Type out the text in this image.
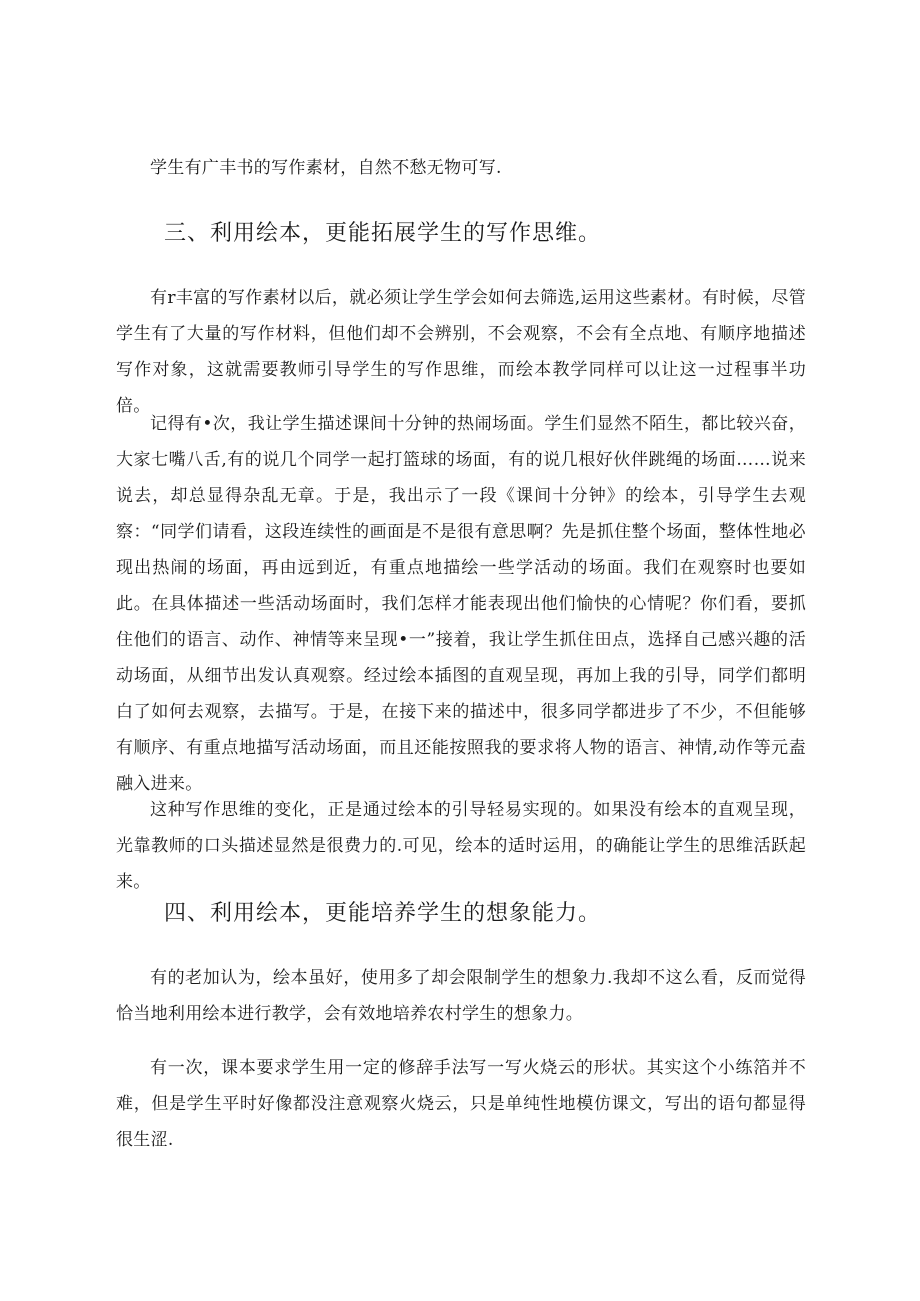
学生有广丰书的写作素材，自然不愁无物可写.

三、利用绘本，更能拓展学生的写作思维。

有r丰富的写作素材以后，就必须让学生学会如何去筛选,运用这些素材。有时候，尽管学生有了大量的写作材料，但他们却不会辨别，不会观察，不会有全点地、有顺序地描述写作对象，这就需要教师引导学生的写作思维，而绘本教学同样可以让这一过程事半功倍。

记得有•次，我让学生描述课间十分钟的热闹场面。学生们显然不陌生，都比较兴奋，大家七嘴八舌,有的说几个同学一起打篮球的场面，有的说几根好伙伴跳绳的场面……说来说去，却总显得杂乱无章。于是，我出示了一段《课间十分钟》的绘本，引导学生去观察：“同学们请看，这段连续性的画面是不是很有意思啊？先是抓住整个场面，整体性地必现出热闹的场面，再由远到近，有重点地描绘一些学活动的场面。我们在观察时也要如此。在具体描述一些活动场面时，我们怎样才能表现出他们愉快的心情呢？你们看，要抓住他们的语言、动作、神情等来呈现•一”接着，我让学生抓住田点，选择自己感兴趣的活动场面，从细节出发认真观察。经过绘本插图的直观呈现，再加上我的引导，同学们都明白了如何去观察，去描写。于是，在接下来的描述中，很多同学都进步了不少，不但能够有顺序、有重点地描写活动场面，而且还能按照我的要求将人物的语言、神情,动作等元盍融入进来。

这种写作思维的变化，正是通过绘本的引导轻易实现的。如果没有绘本的直观呈现，光靠教师的口头描述显然是很费力的.可见，绘本的适时运用，的确能让学生的思维活跃起来。

四、利用绘本，更能培养学生的想象能力。

有的老加认为，绘本虽好，使用多了却会限制学生的想象力.我却不这么看，反而觉得恰当地利用绘本进行教学，会有效地培养农村学生的想象力。

有一次，课本要求学生用一定的修辞手法写一写火烧云的形状。其实这个小练箔并不难，但是学生平时好像都没注意观察火烧云，只是单纯性地模仿课文，写出的语句都显得很生涩.
